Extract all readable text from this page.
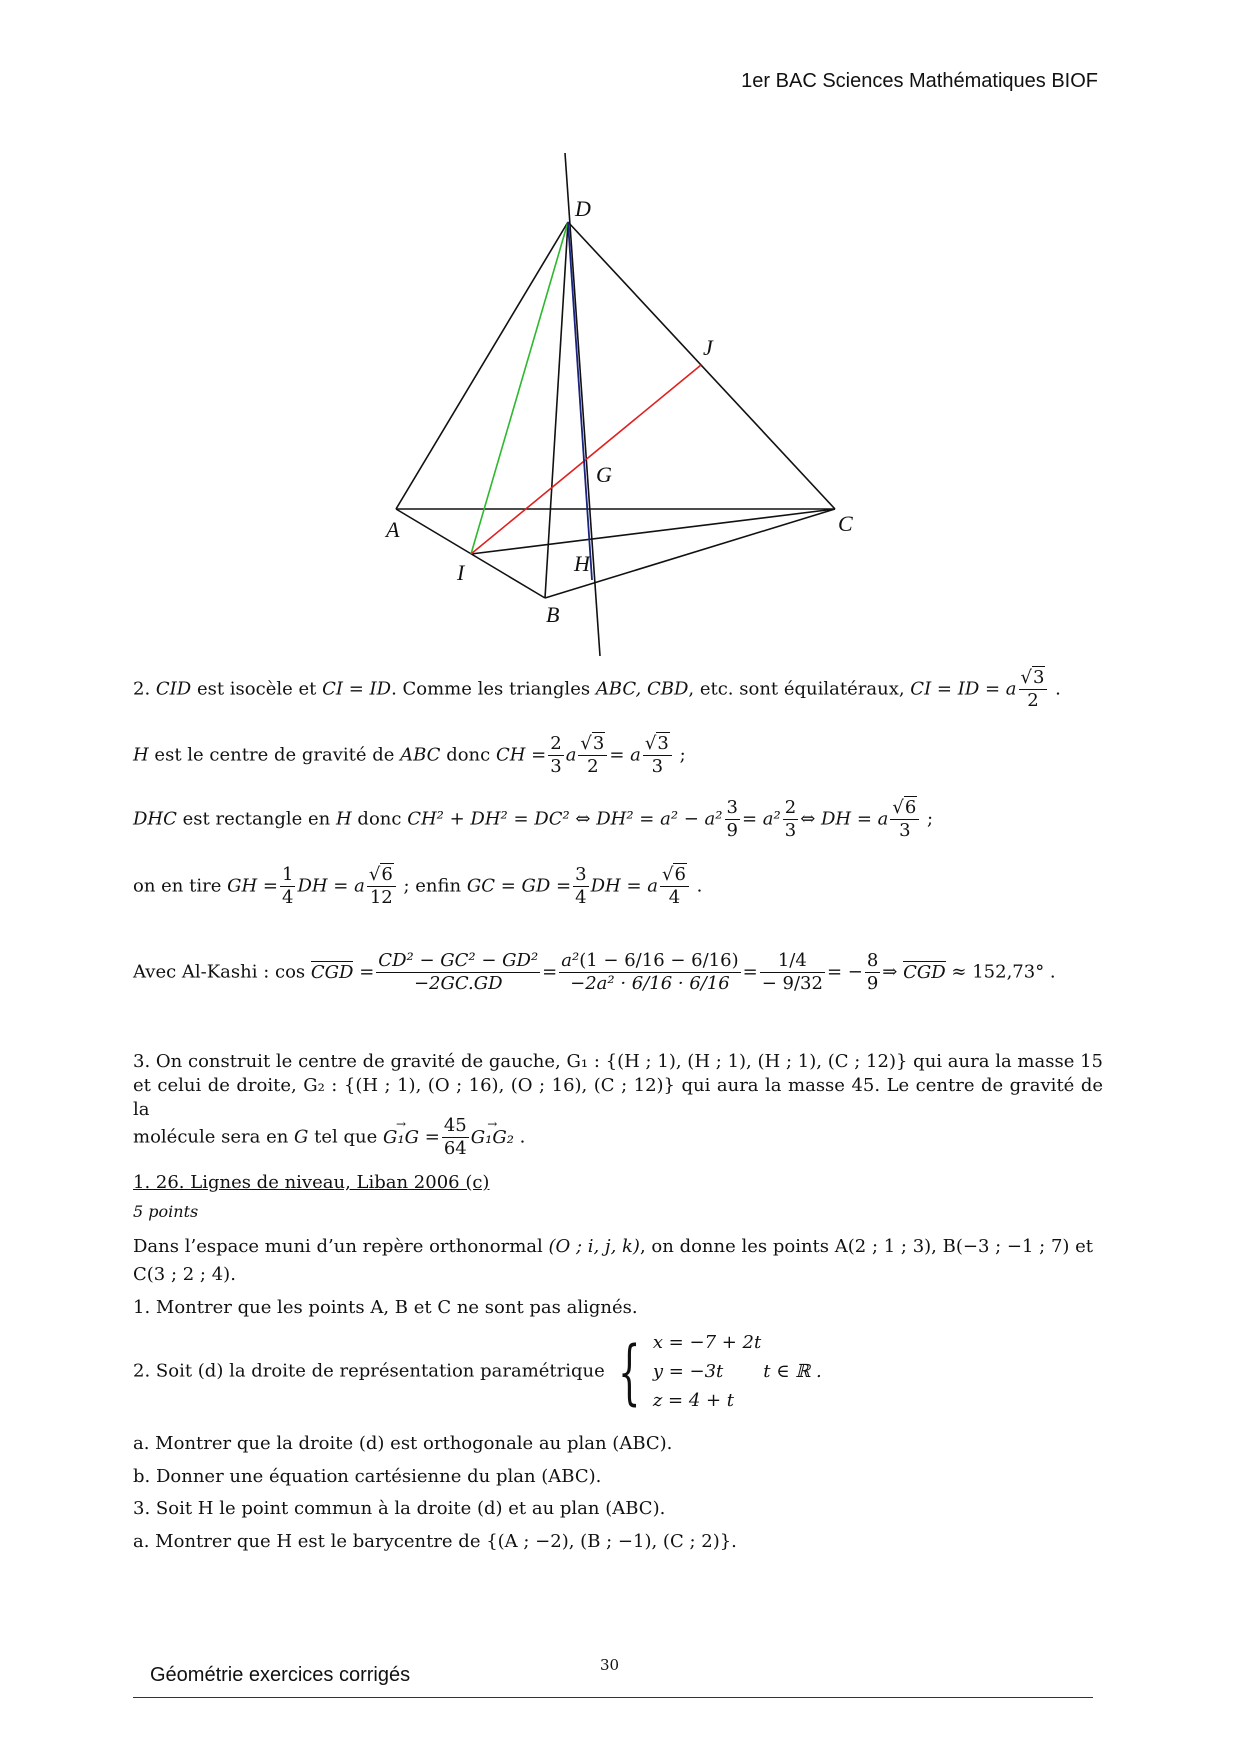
1er BAC Sciences Mathématiques BIOF
D
J
G
A	C
I	H
B
2. CID est isocèle et CI = ID. Comme les triangles ABC, CBD, etc. sont équilatéraux, CI = ID = a $\frac{√3}{2}$ .
H est le centre de gravité de ABC donc CH = $\frac{2}{3}$ a $\frac{√3}{2} = a \frac{√3}{3}$ ;
DHC est rectangle en H donc CH² + DH² = DC² ⇔ $DH^2 = a^2 - a^2 \frac{3}{9} = a^2 \frac{2}{3}$ ⇔ DH = a $\frac{√6}{3}$ ;
on en tire GH = $\frac{1}{4}$ DH = a $\frac{√6}{12}$ ; enfin GC = GD = $\frac{3}{4}$ DH = a $\frac{√6}{4}$ .
Avec Al-Kashi : cos CGD = $\frac{\text{CD² − GC² − GD²}}{-2GC.GD} = \frac{\text{a²(1 − 6/16 − 6/16)}}{\text{−2a² · 6/16 · 6/16}} = \frac{1/4}{- 9/32}$ = − $\frac{8}{9}$ ⇒ CGD ≈ 152,73° .
3. On construit le centre de gravité de gauche, G₁ : {(H ; 1), (H ; 1), (H ; 1), (C ; 12)} qui aura la masse 15 et celui de droite, G₂ : {(H ; 1), (O ; 16), (O ; 16), (C ; 12)} qui aura la masse 45. Le centre de gravité de la
molécule sera en G tel que → $G_1G = \frac{45}{64}$
→ G₁G₂ .
1. 26. Lignes de niveau, Liban 2006 (c)
5 points
Dans l’espace muni d’un repère orthonormal (O ; i, j, k), on donne les points A(2 ; 1 ; 3), B(−3 ; −1 ; 7) et
C(3 ; 2 ; 4).
1. Montrer que les points A, B et C ne sont pas alignés.
2. Soit (d) la droite de représentation paramétrique { x = −7 + 2t
y = −3t t ∈ ℝ .
z = 4 + t
a. Montrer que la droite (d) est orthogonale au plan (ABC).
b. Donner une équation cartésienne du plan (ABC).
3. Soit H le point commun à la droite (d) et au plan (ABC).
a. Montrer que H est le barycentre de {(A ; −2), (B ; −1), (C ; 2)}.
30
Géométrie exercices corrigés
